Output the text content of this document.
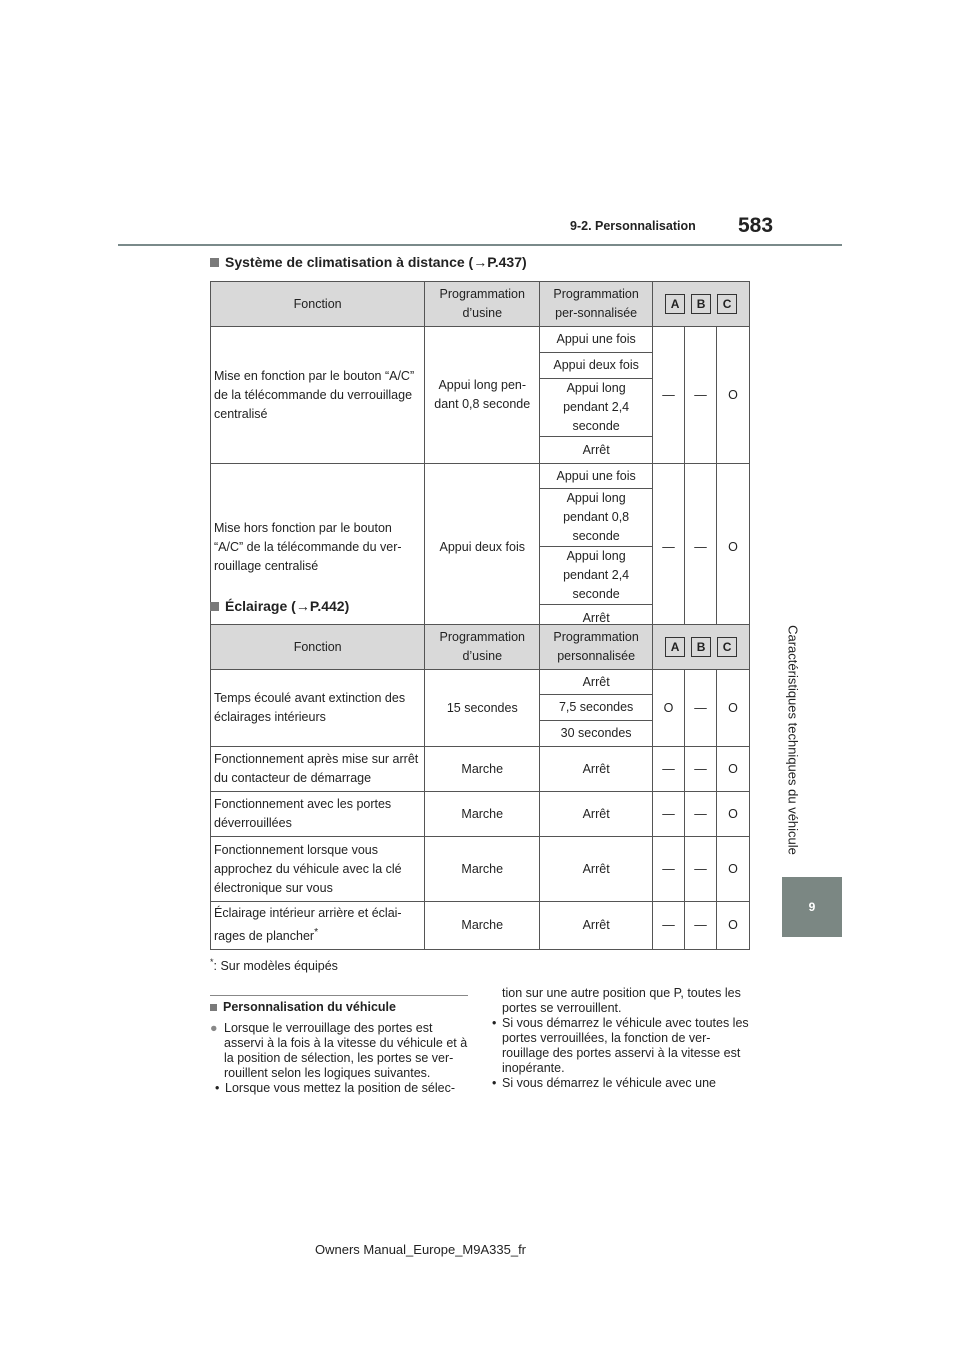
9-2. Personnalisation 583
Caractéristiques techniques du véhicule
9
Système de climatisation à distance (→P.437)
Fonction	Programmation d’usine	Programmation per-sonnalisée	A B C		

Mise en fonction par le bouton “A/C” de la télécommande du verrouillage centralisé	Appui long pen-dant 0,8 seconde	Appui une fois	—	—	O
		Appui deux fois			
		Appui long pendant 2,4 seconde			
		Arrêt			
Mise hors fonction par le bouton “A/C” de la télécommande du ver-rouillage centralisé	Appui deux fois	Appui une fois	—	—	O
		Appui long pendant 0,8 seconde			
		Appui long pendant 2,4 seconde			
		Arrêt			
Éclairage (→P.442)
Fonction	Programmation d’usine	Programmation personnalisée	A B C		

Temps écoulé avant extinction des éclairages intérieurs	15 secondes	Arrêt	O	—	O
		7,5 secondes			
		30 secondes			
Fonctionnement après mise sur arrêt du contacteur de démarrage	Marche	Arrêt	—	—	O
Fonctionnement avec les portes déverrouillées	Marche	Arrêt	—	—	O
Fonctionnement lorsque vous approchez du véhicule avec la clé électronique sur vous	Marche	Arrêt	—	—	O
Éclairage intérieur arrière et éclai-rages de plancher*	Marche	Arrêt	—	—	O
*: Sur modèles équipés

Personnalisation du véhicule

● Lorsque le verrouillage des portes est asservi à la fois à la vitesse du véhicule et à la position de sélection, les portes se ver-rouillent selon les logiques suivantes.
• Lorsque vous mettez la position de sélec-

tion sur une autre position que P, toutes les portes se verrouillent.

• Si vous démarrez le véhicule avec toutes les portes verrouillées, la fonction de ver-rouillage des portes asservi à la vitesse est inopérante.
• Si vous démarrez le véhicule avec une
Owners Manual_Europe_M9A335_fr
